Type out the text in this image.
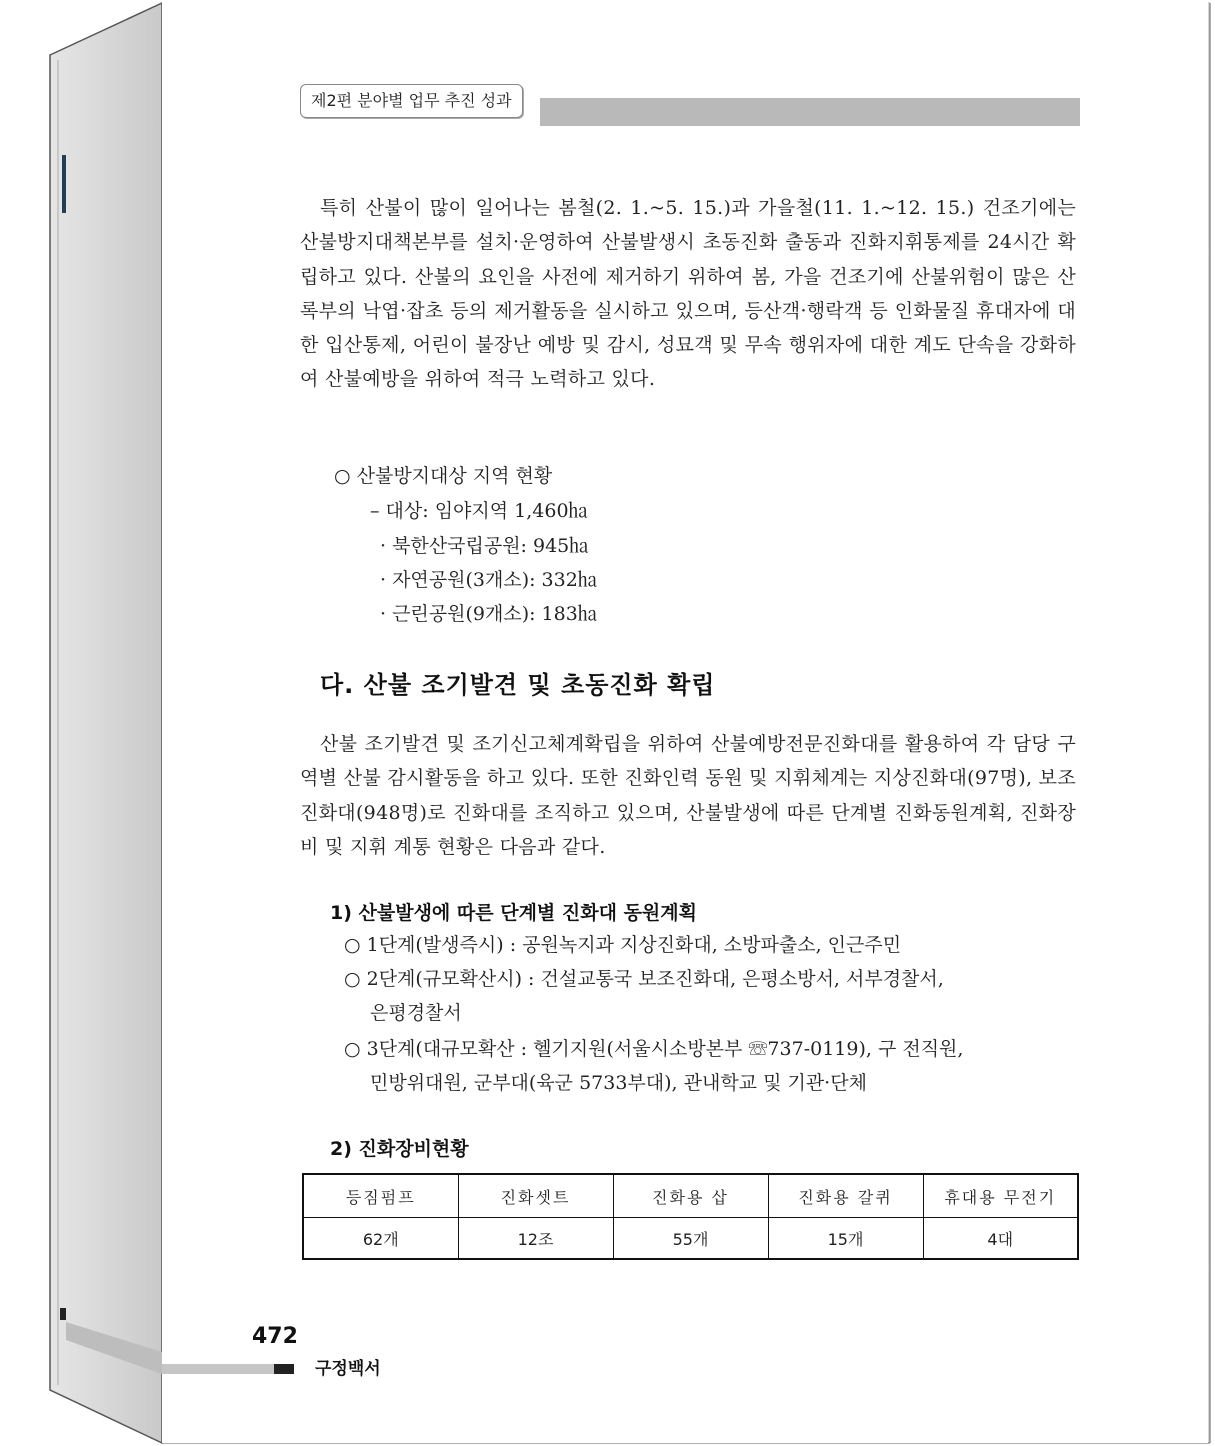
제2편 분야별 업무 추진 성과
특히 산불이 많이 일어나는 봄철(2. 1.~5. 15.)과 가을철(11. 1.~12. 15.) 건조기에는 산불방지대책본부를 설치·운영하여 산불발생시 초동진화 출동과 진화지휘통제를 24시간 확립하고 있다. 산불의 요인을 사전에 제거하기 위하여 봄, 가을 건조기에 산불위험이 많은 산록부의 낙엽·잡초 등의 제거활동을 실시하고 있으며, 등산객·행락객 등 인화물질 휴대자에 대한 입산통제, 어린이 불장난 예방 및 감시, 성묘객 및 무속 행위자에 대한 계도 단속을 강화하여 산불예방을 위하여 적극 노력하고 있다.
○ 산불방지대상 지역 현황
– 대상: 임야지역 1,460㏊
· 북한산국립공원: 945㏊
· 자연공원(3개소): 332㏊
· 근린공원(9개소): 183㏊
다. 산불 조기발견 및 초동진화 확립
산불 조기발견 및 조기신고체계확립을 위하여 산불예방전문진화대를 활용하여 각 담당 구역별 산불 감시활동을 하고 있다. 또한 진화인력 동원 및 지휘체계는 지상진화대(97명), 보조진화대(948명)로 진화대를 조직하고 있으며, 산불발생에 따른 단계별 진화동원계획, 진화장비 및 지휘 계통 현황은 다음과 같다.
1) 산불발생에 따른 단계별 진화대 동원계획
○ 1단계(발생즉시) : 공원녹지과 지상진화대, 소방파출소, 인근주민
○ 2단계(규모확산시) : 건설교통국 보조진화대, 은평소방서, 서부경찰서,
은평경찰서
○ 3단계(대규모확산 : 헬기지원(서울시소방본부 ☏737-0119), 구 전직원,
민방위대원, 군부대(육군 5733부대), 관내학교 및 기관·단체
2) 진화장비현황
등짐펌프	진화셋트	진화용 삽	진화용 갈퀴	휴대용 무전기
62개	12조	55개	15개	4대
472
구정백서
